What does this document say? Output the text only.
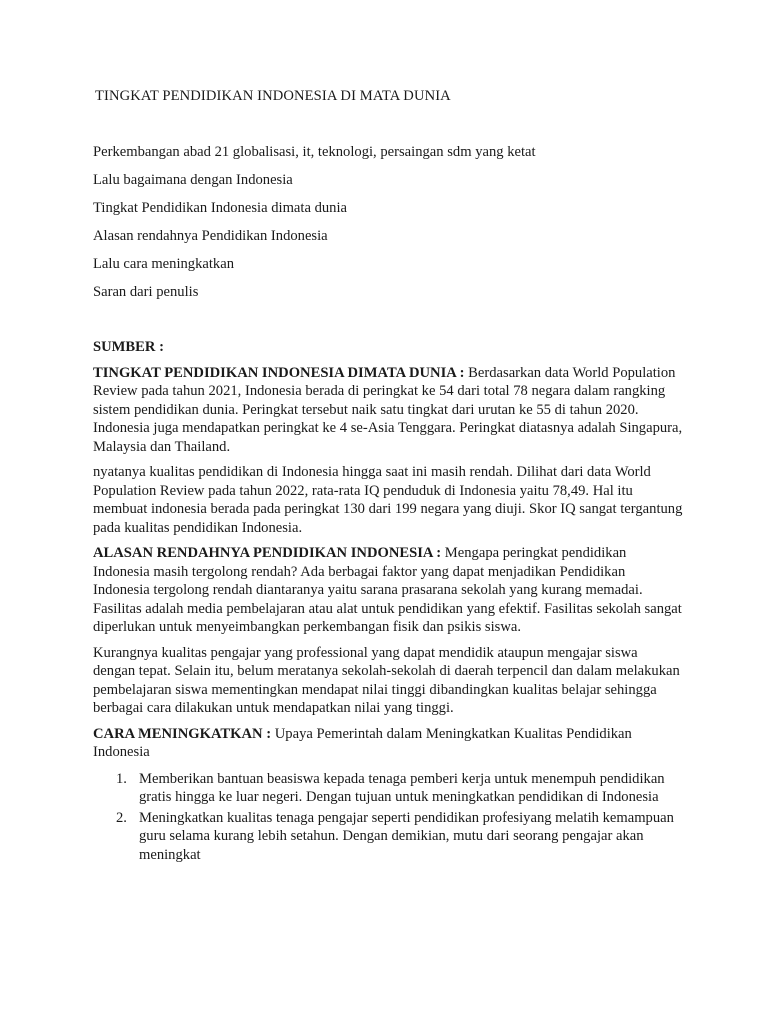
TINGKAT PENDIDIKAN INDONESIA DI MATA DUNIA

Perkembangan abad 21 globalisasi, it, teknologi, persaingan sdm yang ketat

Lalu bagaimana dengan Indonesia

Tingkat Pendidikan Indonesia dimata dunia

Alasan rendahnya Pendidikan Indonesia

Lalu cara meningkatkan

Saran dari penulis

SUMBER :

TINGKAT PENDIDIKAN INDONESIA DIMATA DUNIA : Berdasarkan data World Population Review pada tahun 2021, Indonesia berada di peringkat ke 54 dari total 78 negara dalam rangking sistem pendidikan dunia. Peringkat tersebut naik satu tingkat dari urutan ke 55 di tahun 2020. Indonesia juga mendapatkan peringkat ke 4 se-Asia Tenggara. Peringkat diatasnya adalah Singapura, Malaysia dan Thailand.

nyatanya kualitas pendidikan di Indonesia hingga saat ini masih rendah. Dilihat dari data World Population Review pada tahun 2022, rata-rata IQ penduduk di Indonesia yaitu 78,49. Hal itu membuat indonesia berada pada peringkat 130 dari 199 negara yang diuji. Skor IQ sangat tergantung pada kualitas pendidikan Indonesia.

ALASAN RENDAHNYA PENDIDIKAN INDONESIA : Mengapa peringkat pendidikan Indonesia masih tergolong rendah? Ada berbagai faktor yang dapat menjadikan Pendidikan Indonesia tergolong rendah diantaranya yaitu sarana prasarana sekolah yang kurang memadai. Fasilitas adalah media pembelajaran atau alat untuk pendidikan yang efektif. Fasilitas sekolah sangat diperlukan untuk menyeimbangkan perkembangan fisik dan psikis siswa.

Kurangnya kualitas pengajar yang professional yang dapat mendidik ataupun mengajar siswa dengan tepat. Selain itu, belum meratanya sekolah-sekolah di daerah terpencil dan dalam melakukan pembelajaran siswa mementingkan mendapat nilai tinggi dibandingkan kualitas belajar sehingga berbagai cara dilakukan untuk mendapatkan nilai yang tinggi.

CARA MENINGKATKAN : Upaya Pemerintah dalam Meningkatkan Kualitas Pendidikan Indonesia

1. Memberikan bantuan beasiswa kepada tenaga pemberi kerja untuk menempuh pendidikan gratis hingga ke luar negeri. Dengan tujuan untuk meningkatkan pendidikan di Indonesia
2. Meningkatkan kualitas tenaga pengajar seperti pendidikan profesiyang melatih kemampuan guru selama kurang lebih setahun. Dengan demikian, mutu dari seorang pengajar akan meningkat
